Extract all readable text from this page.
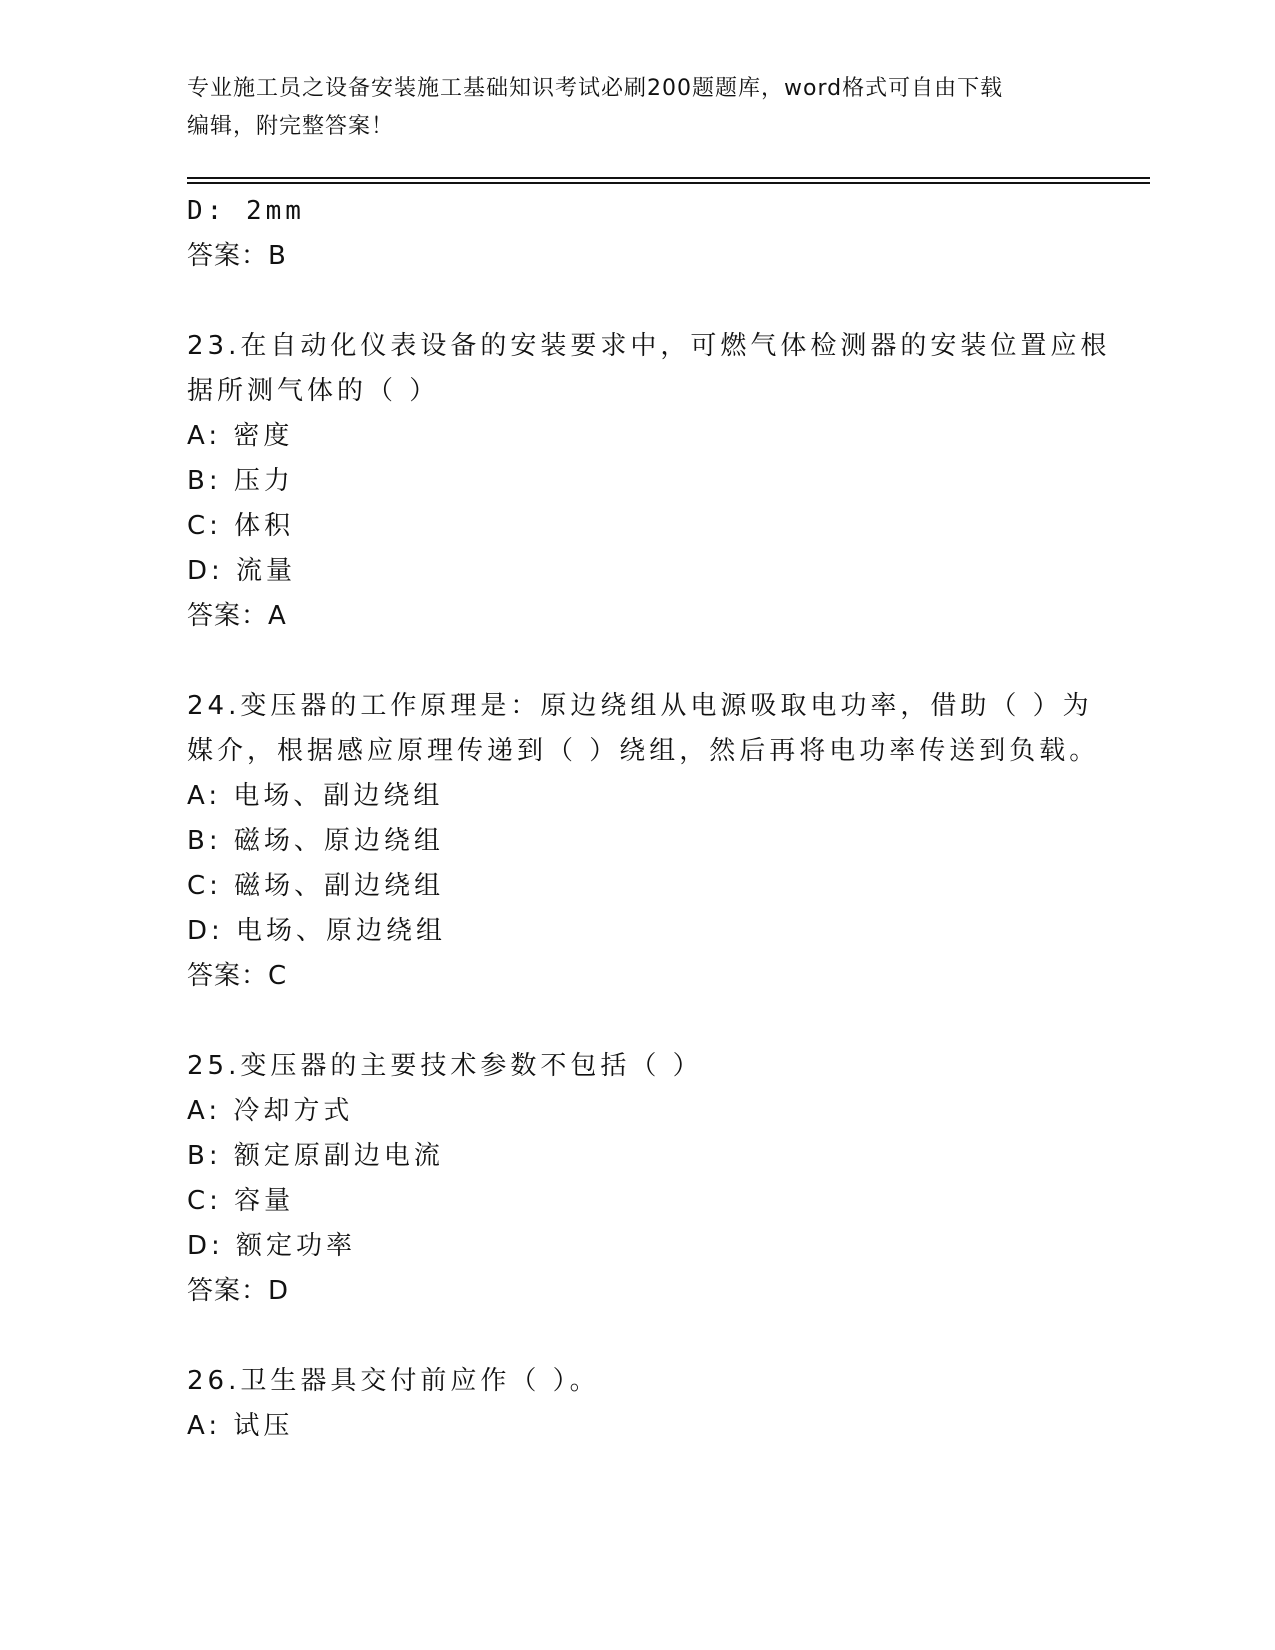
专业施工员之设备安装施工基础知识考试必刷200题题库，word格式可自由下载
编辑，附完整答案！
D: 2mm
答案：B
23.在自动化仪表设备的安装要求中，可燃气体检测器的安装位置应根
据所测气体的（ ）
A: 密度
B: 压力
C: 体积
D: 流量
答案：A
24.变压器的工作原理是：原边绕组从电源吸取电功率，借助（ ）为
媒介，根据感应原理传递到（ ）绕组，然后再将电功率传送到负载。
A: 电场、副边绕组
B: 磁场、原边绕组
C: 磁场、副边绕组
D: 电场、原边绕组
答案：C
25.变压器的主要技术参数不包括（ ）
A: 冷却方式
B: 额定原副边电流
C: 容量
D: 额定功率
答案：D
26.卫生器具交付前应作（ ）。
A: 试压
